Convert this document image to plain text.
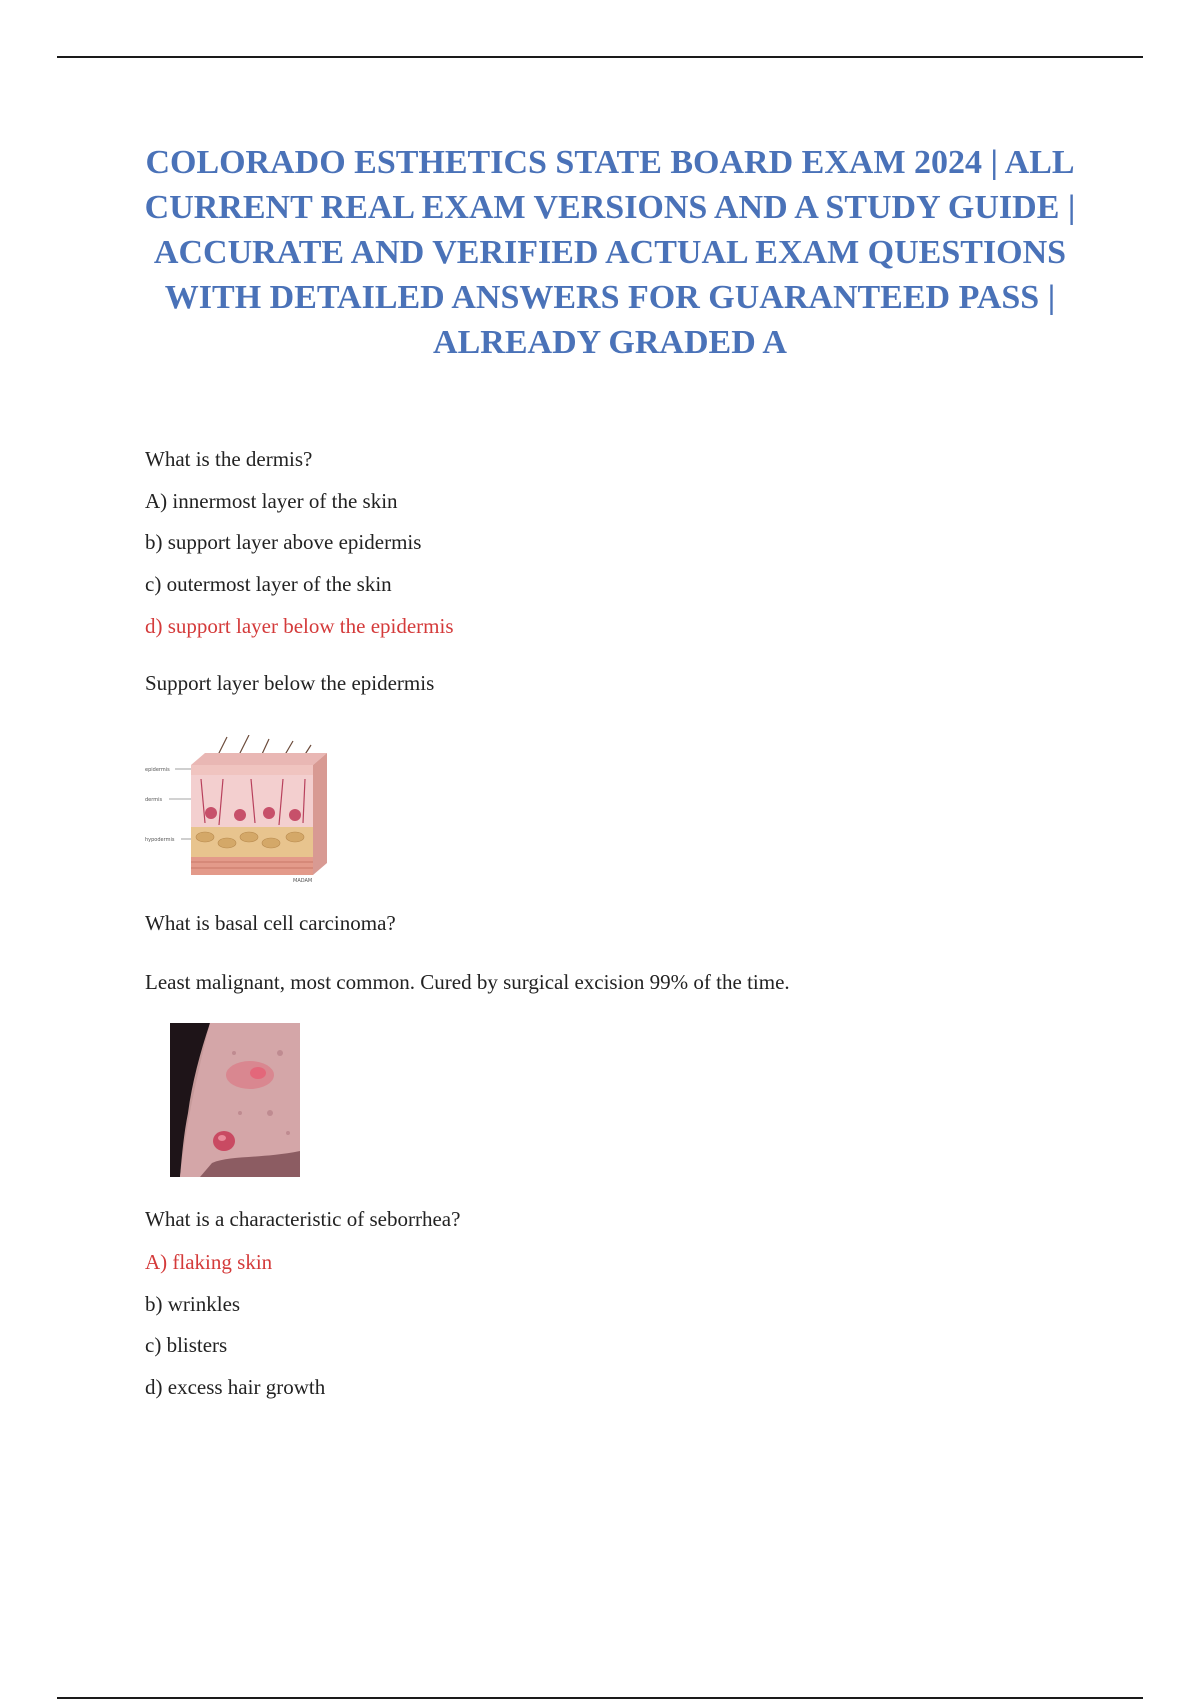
COLORADO ESTHETICS STATE BOARD EXAM 2024 | ALL CURRENT REAL EXAM VERSIONS AND A STUDY GUIDE | ACCURATE AND VERIFIED ACTUAL EXAM QUESTIONS WITH DETAILED ANSWERS FOR GUARANTEED PASS | ALREADY GRADED A

What is the dermis?

A) innermost layer of the skin

b) support layer above epidermis

c) outermost layer of the skin

d) support layer below the epidermis

Support layer below the epidermis

epidermis
dermis
hypodermis
MADAM

What is basal cell carcinoma?

Least malignant, most common. Cured by surgical excision 99% of the time.

What is a characteristic of seborrhea?

A) flaking skin

b) wrinkles

c) blisters

d) excess hair growth
